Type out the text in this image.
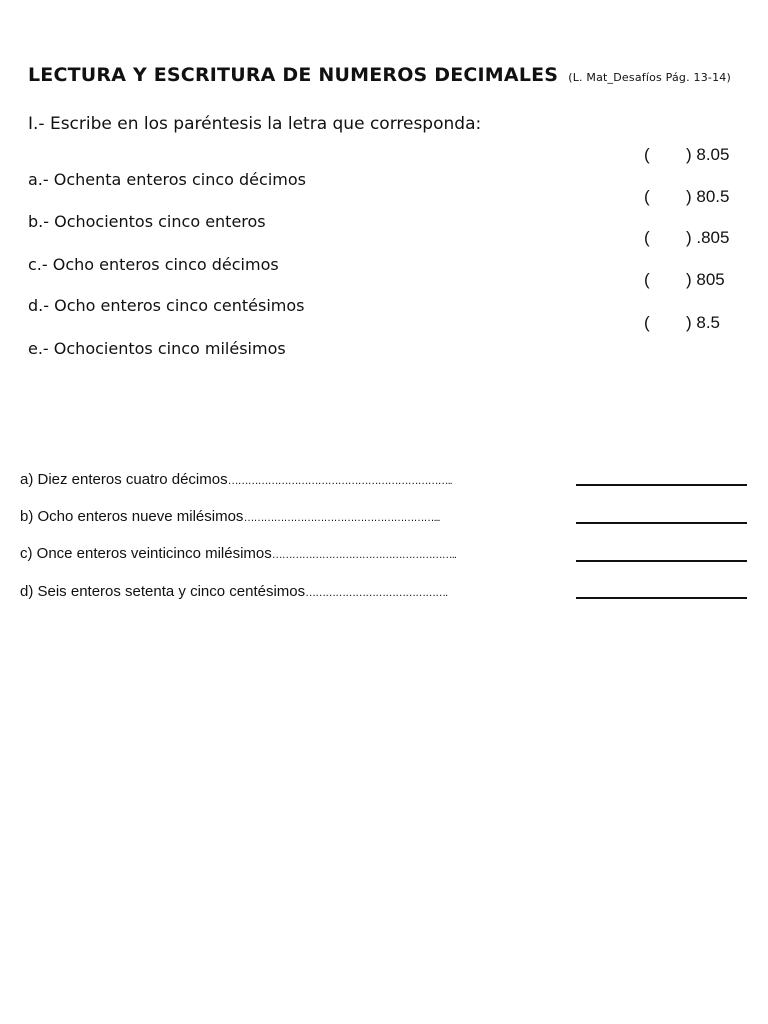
LECTURA Y ESCRITURA DE NUMEROS DECIMALES (L. Mat_Desafíos Pág. 13-14)
I.- Escribe en los paréntesis la letra que corresponda:
a.- Ochenta enteros cinco décimos
b.- Ochocientos cinco enteros
c.- Ocho enteros cinco décimos
d.- Ocho enteros cinco centésimos
e.- Ochocientos cinco milésimos
( ) 8.05
( ) 80.5
( ) .805
( ) 805
( ) 8.5
a) Diez enteros cuatro décimos…………………………………………………………..
b) Ocho enteros nueve milésimos…………………………………………………...
c) Once enteros veinticinco milésimos………………………………………………..
d) Seis enteros setenta y cinco centésimos…………………………………….
